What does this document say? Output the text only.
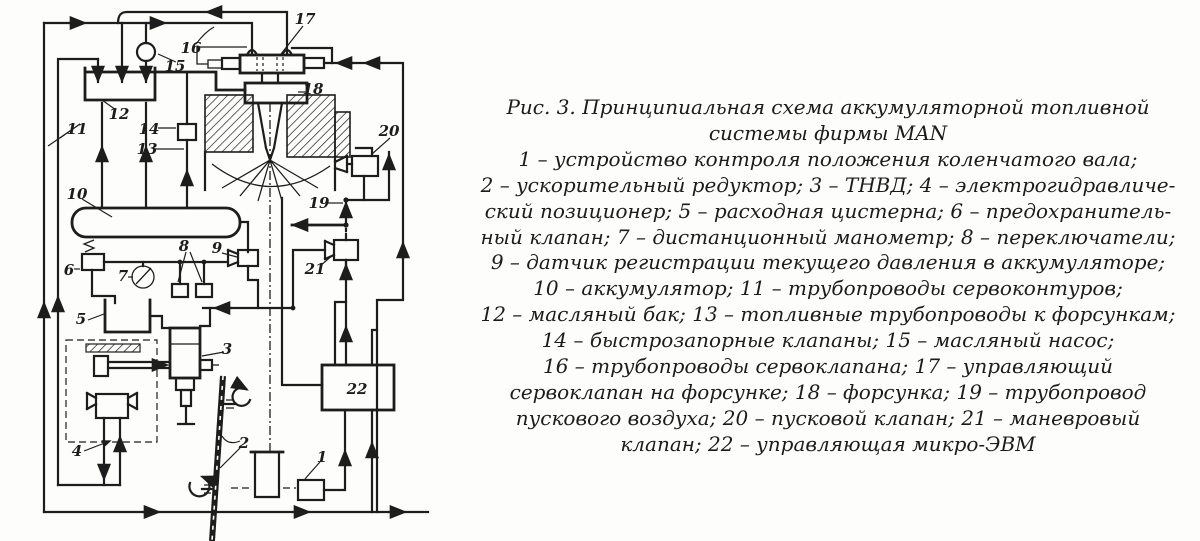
17
16
15
12
11	14
13
18
20
19
10
21
6	7
8 9
5
3
4	2
1
22
Рис. 3. Принципиальная схема аккумуляторной топливной
системы фирмы MAN
1 – устройство контроля положения коленчатого вала;
2 – ускорительный редуктор; 3 – ТНВД; 4 – электрогидравличе-
ский позиционер; 5 – расходная цистерна; 6 – предохранитель-
ный клапан; 7 – дистанционный манометр; 8 – переключатели;
9 – датчик регистрации текущего давления в аккумуляторе;
10 – аккумулятор; 11 – трубопроводы сервоконтуров;
12 – масляный бак; 13 – топливные трубопроводы к форсункам;
14 – быстрозапорные клапаны; 15 – масляный насос;
16 – трубопроводы сервоклапана; 17 – управляющий
сервоклапан на форсунке; 18 – форсунка; 19 – трубопровод
пускового воздуха; 20 – пусковой клапан; 21 – маневровый
клапан; 22 – управляющая микро-ЭВМ
